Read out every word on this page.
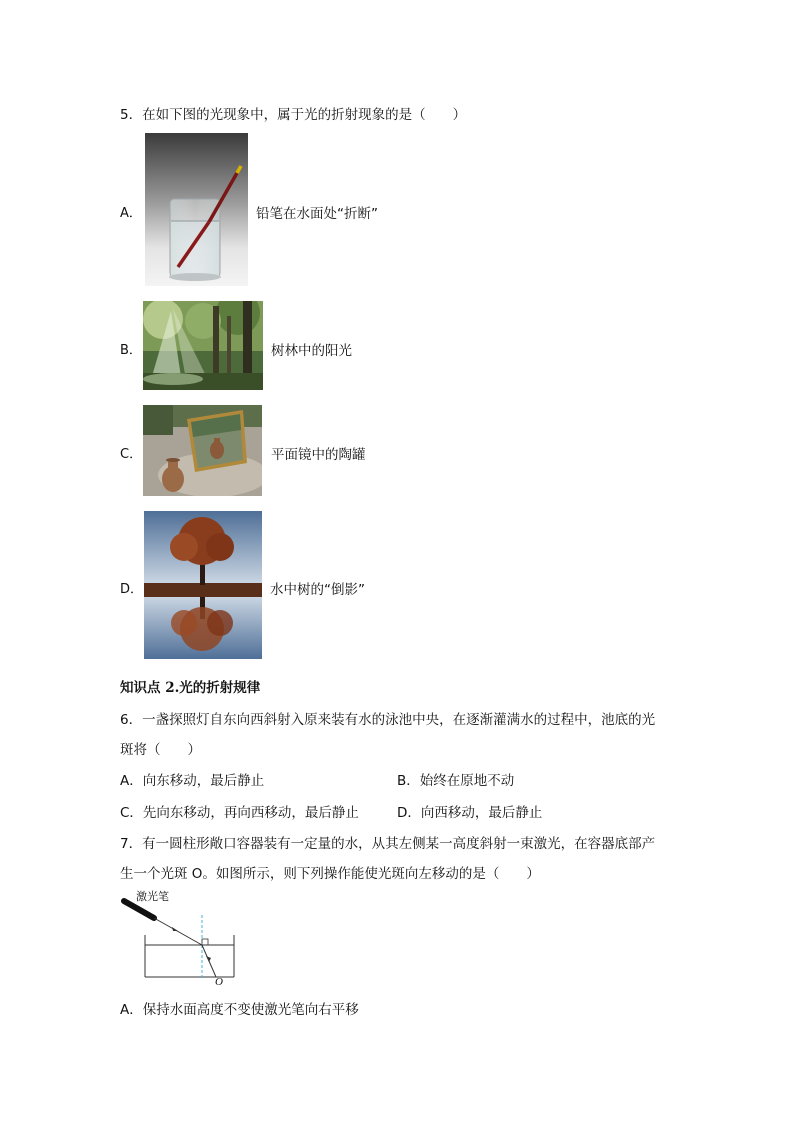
5．在如下图的光现象中，属于光的折射现象的是（　　）
A．	铅笔在水面处“折断”
B．	树林中的阳光
C．	平面镜中的陶罐
D．	水中树的“倒影”
知识点 2.光的折射规律
6．一盏探照灯自东向西斜射入原来装有水的泳池中央，在逐渐灌满水的过程中，池底的光
斑将（　　）
A．向东移动，最后静止	B．始终在原地不动
C．先向东移动，再向西移动，最后静止	D．向西移动，最后静止
7．有一圆柱形敞口容器装有一定量的水，从其左侧某一高度斜射一束激光，在容器底部产
生一个光斑 O。如图所示，则下列操作能使光斑向左移动的是（　　）
激光笔
O
A．保持水面高度不变使激光笔向右平移
